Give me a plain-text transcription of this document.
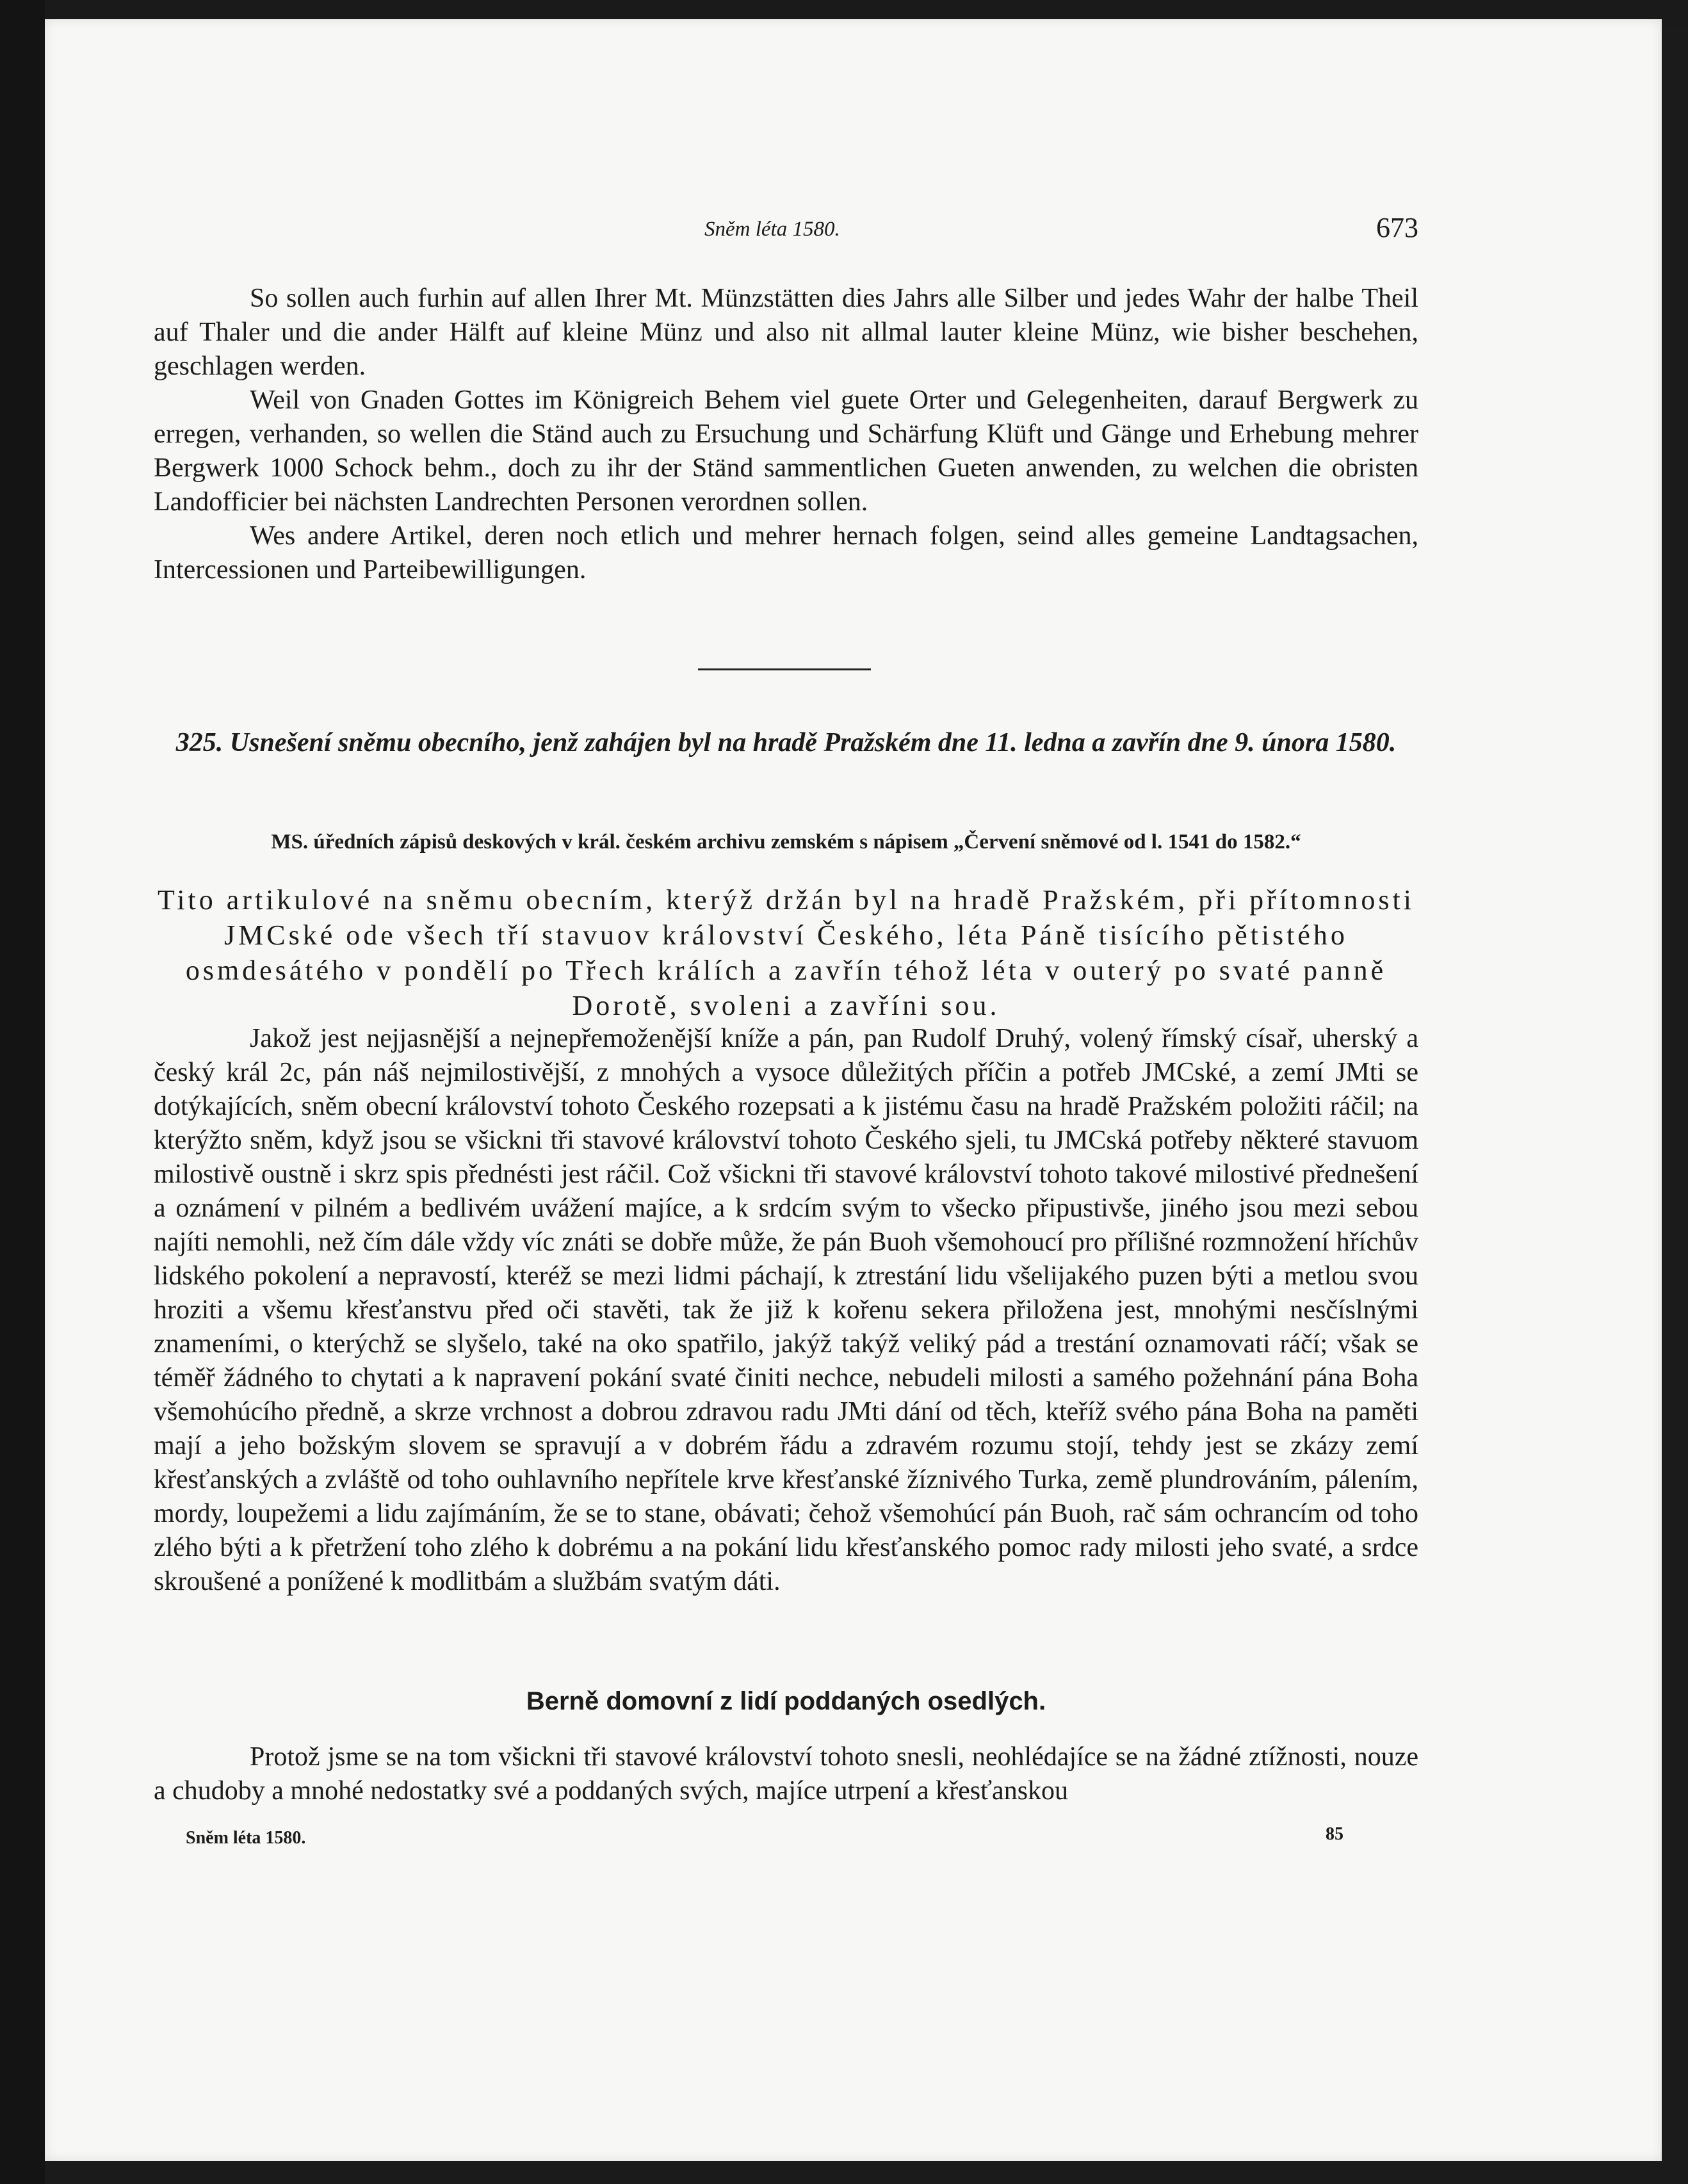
Sněm léta 1580.	673

So sollen auch furhin auf allen Ihrer Mt. Münzstätten dies Jahrs alle Silber und jedes Wahr der halbe Theil auf Thaler und die ander Hälft auf kleine Münz und also nit allmal lauter kleine Münz, wie bisher beschehen, geschlagen werden.

Weil von Gnaden Gottes im Königreich Behem viel guete Orter und Gelegenheiten, darauf Bergwerk zu erregen, verhanden, so wellen die Ständ auch zu Ersuchung und Schärfung Klüft und Gänge und Erhebung mehrer Bergwerk 1000 Schock behm., doch zu ihr der Ständ sammentlichen Gueten anwenden, zu welchen die obristen Landofficier bei nächsten Landrechten Personen verordnen sollen.

Wes andere Artikel, deren noch etlich und mehrer hernach folgen, seind alles gemeine Landtagsachen, Intercessionen und Parteibewilligungen.

325. Usnešení sněmu obecního, jenž zahájen byl na hradě Pražském dne 11. ledna a zavřín dne 9. února 1580.
MS. úředních zápisů deskových v král. českém archivu zemském s nápisem „Červení sněmové od l. 1541 do 1582.“
Tito artikulové na sněmu obecním, kterýž držán byl na hradě Pražském, při přítomnosti JMCské ode všech tří stavuov království Českého, léta Páně tisícího pětistého osmdesátého v pondělí po Třech králích a zavřín téhož léta v outerý po svaté panně Dorotě, svoleni a zavříni sou.

Jakož jest nejjasnější a nejnepřemoženější kníže a pán, pan Rudolf Druhý, volený římský císař, uherský a český král 2c, pán náš nejmilostivější, z mnohých a vysoce důležitých příčin a potřeb JMCské, a zemí JMti se dotýkajících, sněm obecní království tohoto Českého rozepsati a k jistému času na hradě Pražském položiti ráčil; na kterýžto sněm, když jsou se všickni tři stavové království tohoto Českého sjeli, tu JMCská potřeby některé stavuom milostivě oustně i skrz spis přednésti jest ráčil. Což všickni tři stavové království tohoto takové milostivé přednešení a oznámení v pilném a bedlivém uvážení majíce, a k srdcím svým to všecko připustivše, jiného jsou mezi sebou najíti nemohli, než čím dále vždy víc znáti se dobře může, že pán Buoh všemohoucí pro přílišné rozmnožení hříchův lidského pokolení a nepravostí, kteréž se mezi lidmi páchají, k ztrestání lidu všelijakého puzen býti a metlou svou hroziti a všemu křesťanstvu před oči stavěti, tak že již k kořenu sekera přiložena jest, mnohými nesčíslnými znameními, o kterýchž se slyšelo, také na oko spatřilo, jakýž takýž veliký pád a trestání oznamovati ráčí; však se téměř žádného to chytati a k napravení pokání svaté činiti nechce, nebudeli milosti a samého požehnání pána Boha všemohúcího předně, a skrze vrchnost a dobrou zdravou radu JMti dání od těch, kteříž svého pána Boha na paměti mají a jeho božským slovem se spravují a v dobrém řádu a zdravém rozumu stojí, tehdy jest se zkázy zemí křesťanských a zvláště od toho ouhlavního nepřítele krve křesťanské žíznivého Turka, země plundrováním, pálením, mordy, loupežemi a lidu zajímáním, že se to stane, obávati; čehož všemohúcí pán Buoh, rač sám ochrancím od toho zlého býti a k přetržení toho zlého k dobrému a na pokání lidu křesťanského pomoc rady milosti jeho svaté, a srdce skroušené a ponížené k modlitbám a službám svatým dáti.

Berně domovní z lidí poddaných osedlých.

Protož jsme se na tom všickni tři stavové království tohoto snesli, neohlédajíce se na žádné ztížnosti, nouze a chudoby a mnohé nedostatky své a poddaných svých, majíce utrpení a křesťanskou

Sněm léta 1580.	85
